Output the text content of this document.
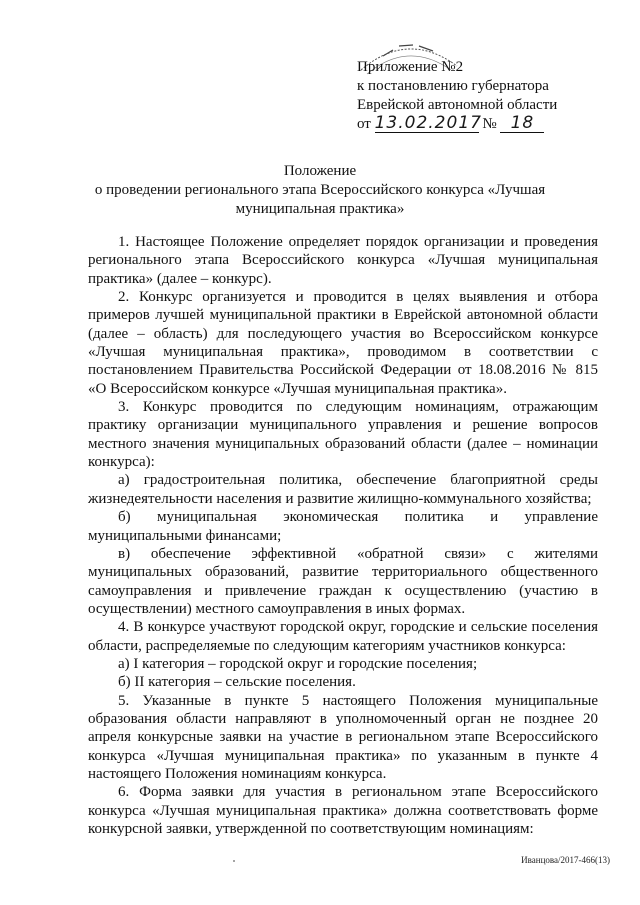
Приложение №2
к постановлению губернатора
Еврейской автономной области
от 13.02.2017 № 18
Положение
о проведении регионального этапа Всероссийского конкурса «Лучшая
муниципальная практика»

1. Настоящее Положение определяет порядок организации и проведения регионального этапа Всероссийского конкурса «Лучшая муниципальная практика» (далее – конкурс).

2. Конкурс организуется и проводится в целях выявления и отбора примеров лучшей муниципальной практики в Еврейской автономной области (далее – область) для последующего участия во Всероссийском конкурсе «Лучшая муниципальная практика», проводимом в соответствии с постановлением Правительства Российской Федерации от 18.08.2016 № 815 «О Всероссийском конкурсе «Лучшая муниципальная практика».

3. Конкурс проводится по следующим номинациям, отражающим практику организации муниципального управления и решение вопросов местного значения муниципальных образований области (далее – номинации конкурса):

а) градостроительная политика, обеспечение благоприятной среды жизнедеятельности населения и развитие жилищно-коммунального хозяйства;

б) муниципальная экономическая политика и управление муниципальными финансами;

в) обеспечение эффективной «обратной связи» с жителями муниципальных образований, развитие территориального общественного самоуправления и привлечение граждан к осуществлению (участию в осуществлении) местного самоуправления в иных формах.

4. В конкурсе участвуют городской округ, городские и сельские поселения области, распределяемые по следующим категориям участников конкурса:

а) I категория – городской округ и городские поселения;

б) II категория – сельские поселения.

5. Указанные в пункте 5 настоящего Положения муниципальные образования области направляют в уполномоченный орган не позднее 20 апреля конкурсные заявки на участие в региональном этапе Всероссийского конкурса «Лучшая муниципальная практика» по указанным в пункте 4 настоящего Положения номинациям конкурса.

6. Форма заявки для участия в региональном этапе Всероссийского конкурса «Лучшая муниципальная практика» должна соответствовать форме конкурсной заявки, утвержденной по соответствующим номинациям:

Иванцова/2017-466(13)
